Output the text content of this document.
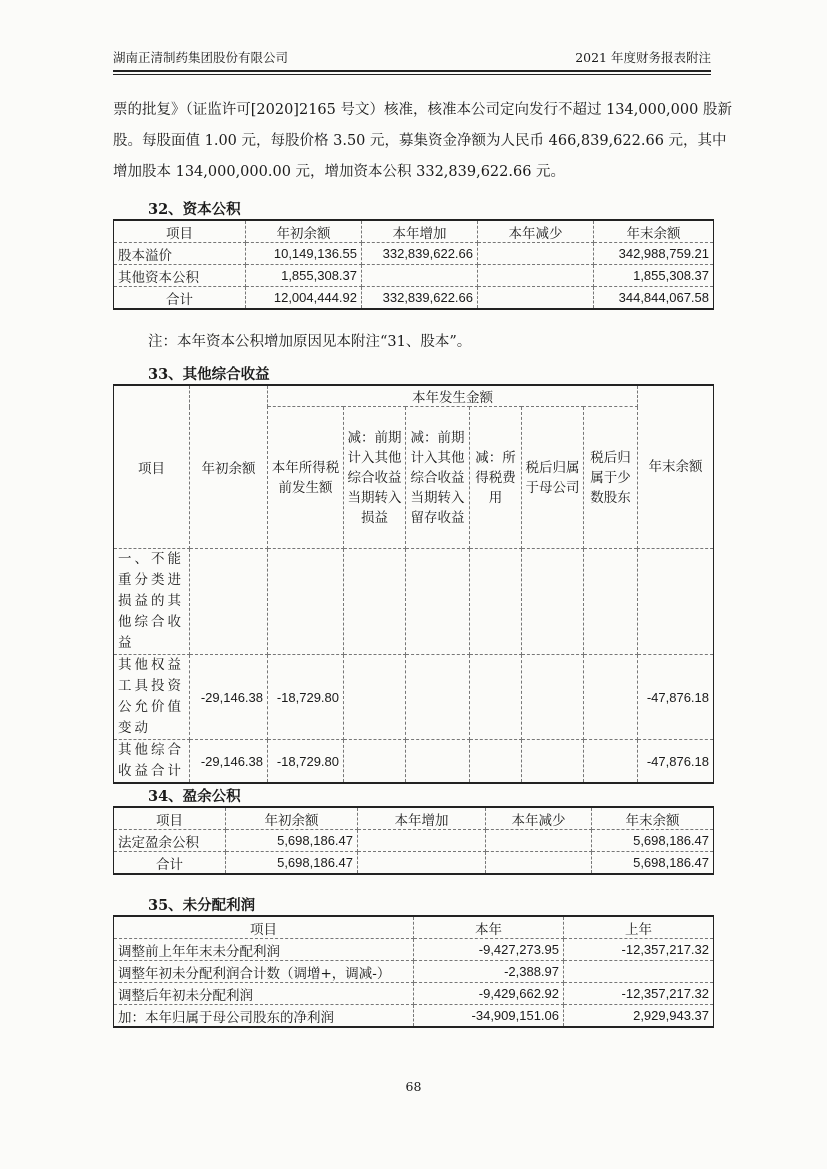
湖南正清制药集团股份有限公司	2021 年度财务报表附注
票的批复》（证监许可[2020]2165 号文）核准，核准本公司定向发行不超过 134,000,000 股新
股。每股面值 1.00 元，每股价格 3.50 元，募集资金净额为人民币 466,839,622.66 元，其中
增加股本 134,000,000.00 元，增加资本公积 332,839,622.66 元。
32、资本公积
项目	年初余额	本年增加	本年减少	年末余额
股本溢价	10,149,136.55	332,839,622.66		342,988,759.21
其他资本公积	1,855,308.37			1,855,308.37
合计	12,004,444.92	332,839,622.66		344,844,067.58
注：本年资本公积增加原因见本附注“31、股本”。
33、其他综合收益
项目	年初余额	本年发生金额						年末余额
		本年所得税前发生额	减：前期计入其他综合收益当期转入损益	减：前期计入其他综合收益当期转入留存收益	减：所得税费用	税后归属于母公司	税后归属于少数股东	
一、不能重分类进损益的其他综合收益								
其他权益工具投资公允价值变动	-29,146.38	-18,729.80						-47,876.18
其他综合收益合计	-29,146.38	-18,729.80						-47,876.18
34、盈余公积
项目	年初余额	本年增加	本年减少	年末余额
法定盈余公积	5,698,186.47			5,698,186.47
合计	5,698,186.47			5,698,186.47
35、未分配利润
项目	本年	上年
调整前上年年末未分配利润	-9,427,273.95	-12,357,217.32
调整年初未分配利润合计数（调增+，调减-）	-2,388.97	
调整后年初未分配利润	-9,429,662.92	-12,357,217.32
加：本年归属于母公司股东的净利润	-34,909,151.06	2,929,943.37
68
